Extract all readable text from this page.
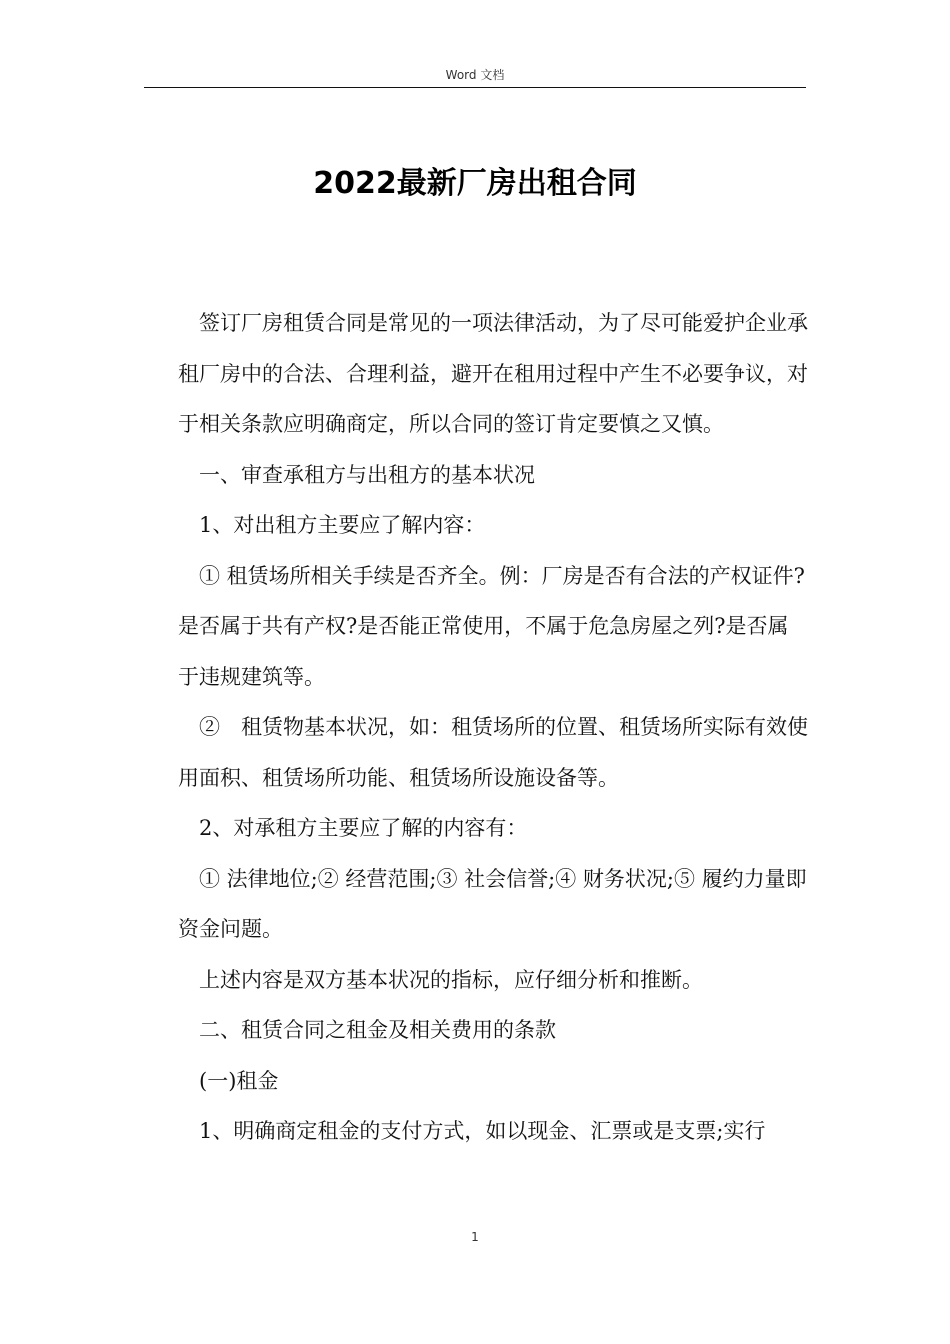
Word 文档
2022最新厂房出租合同

签订厂房租赁合同是常见的一项法律活动，为了尽可能爱护企业承租厂房中的合法、合理利益，避开在租用过程中产生不必要争议，对于相关条款应明确商定，所以合同的签订肯定要慎之又慎。

一、审查承租方与出租方的基本状况

1、对出租方主要应了解内容：

① 租赁场所相关手续是否齐全。例：厂房是否有合法的产权证件?是否属于共有产权?是否能正常使用，不属于危急房屋之列?是否属于违规建筑等。

②　租赁物基本状况，如：租赁场所的位置、租赁场所实际有效使用面积、租赁场所功能、租赁场所设施设备等。

2、对承租方主要应了解的内容有：

① 法律地位;② 经营范围;③ 社会信誉;④ 财务状况;⑤ 履约力量即资金问题。

上述内容是双方基本状况的指标，应仔细分析和推断。

二、租赁合同之租金及相关费用的条款

(一)租金

1、明确商定租金的支付方式，如以现金、汇票或是支票;实行

1
